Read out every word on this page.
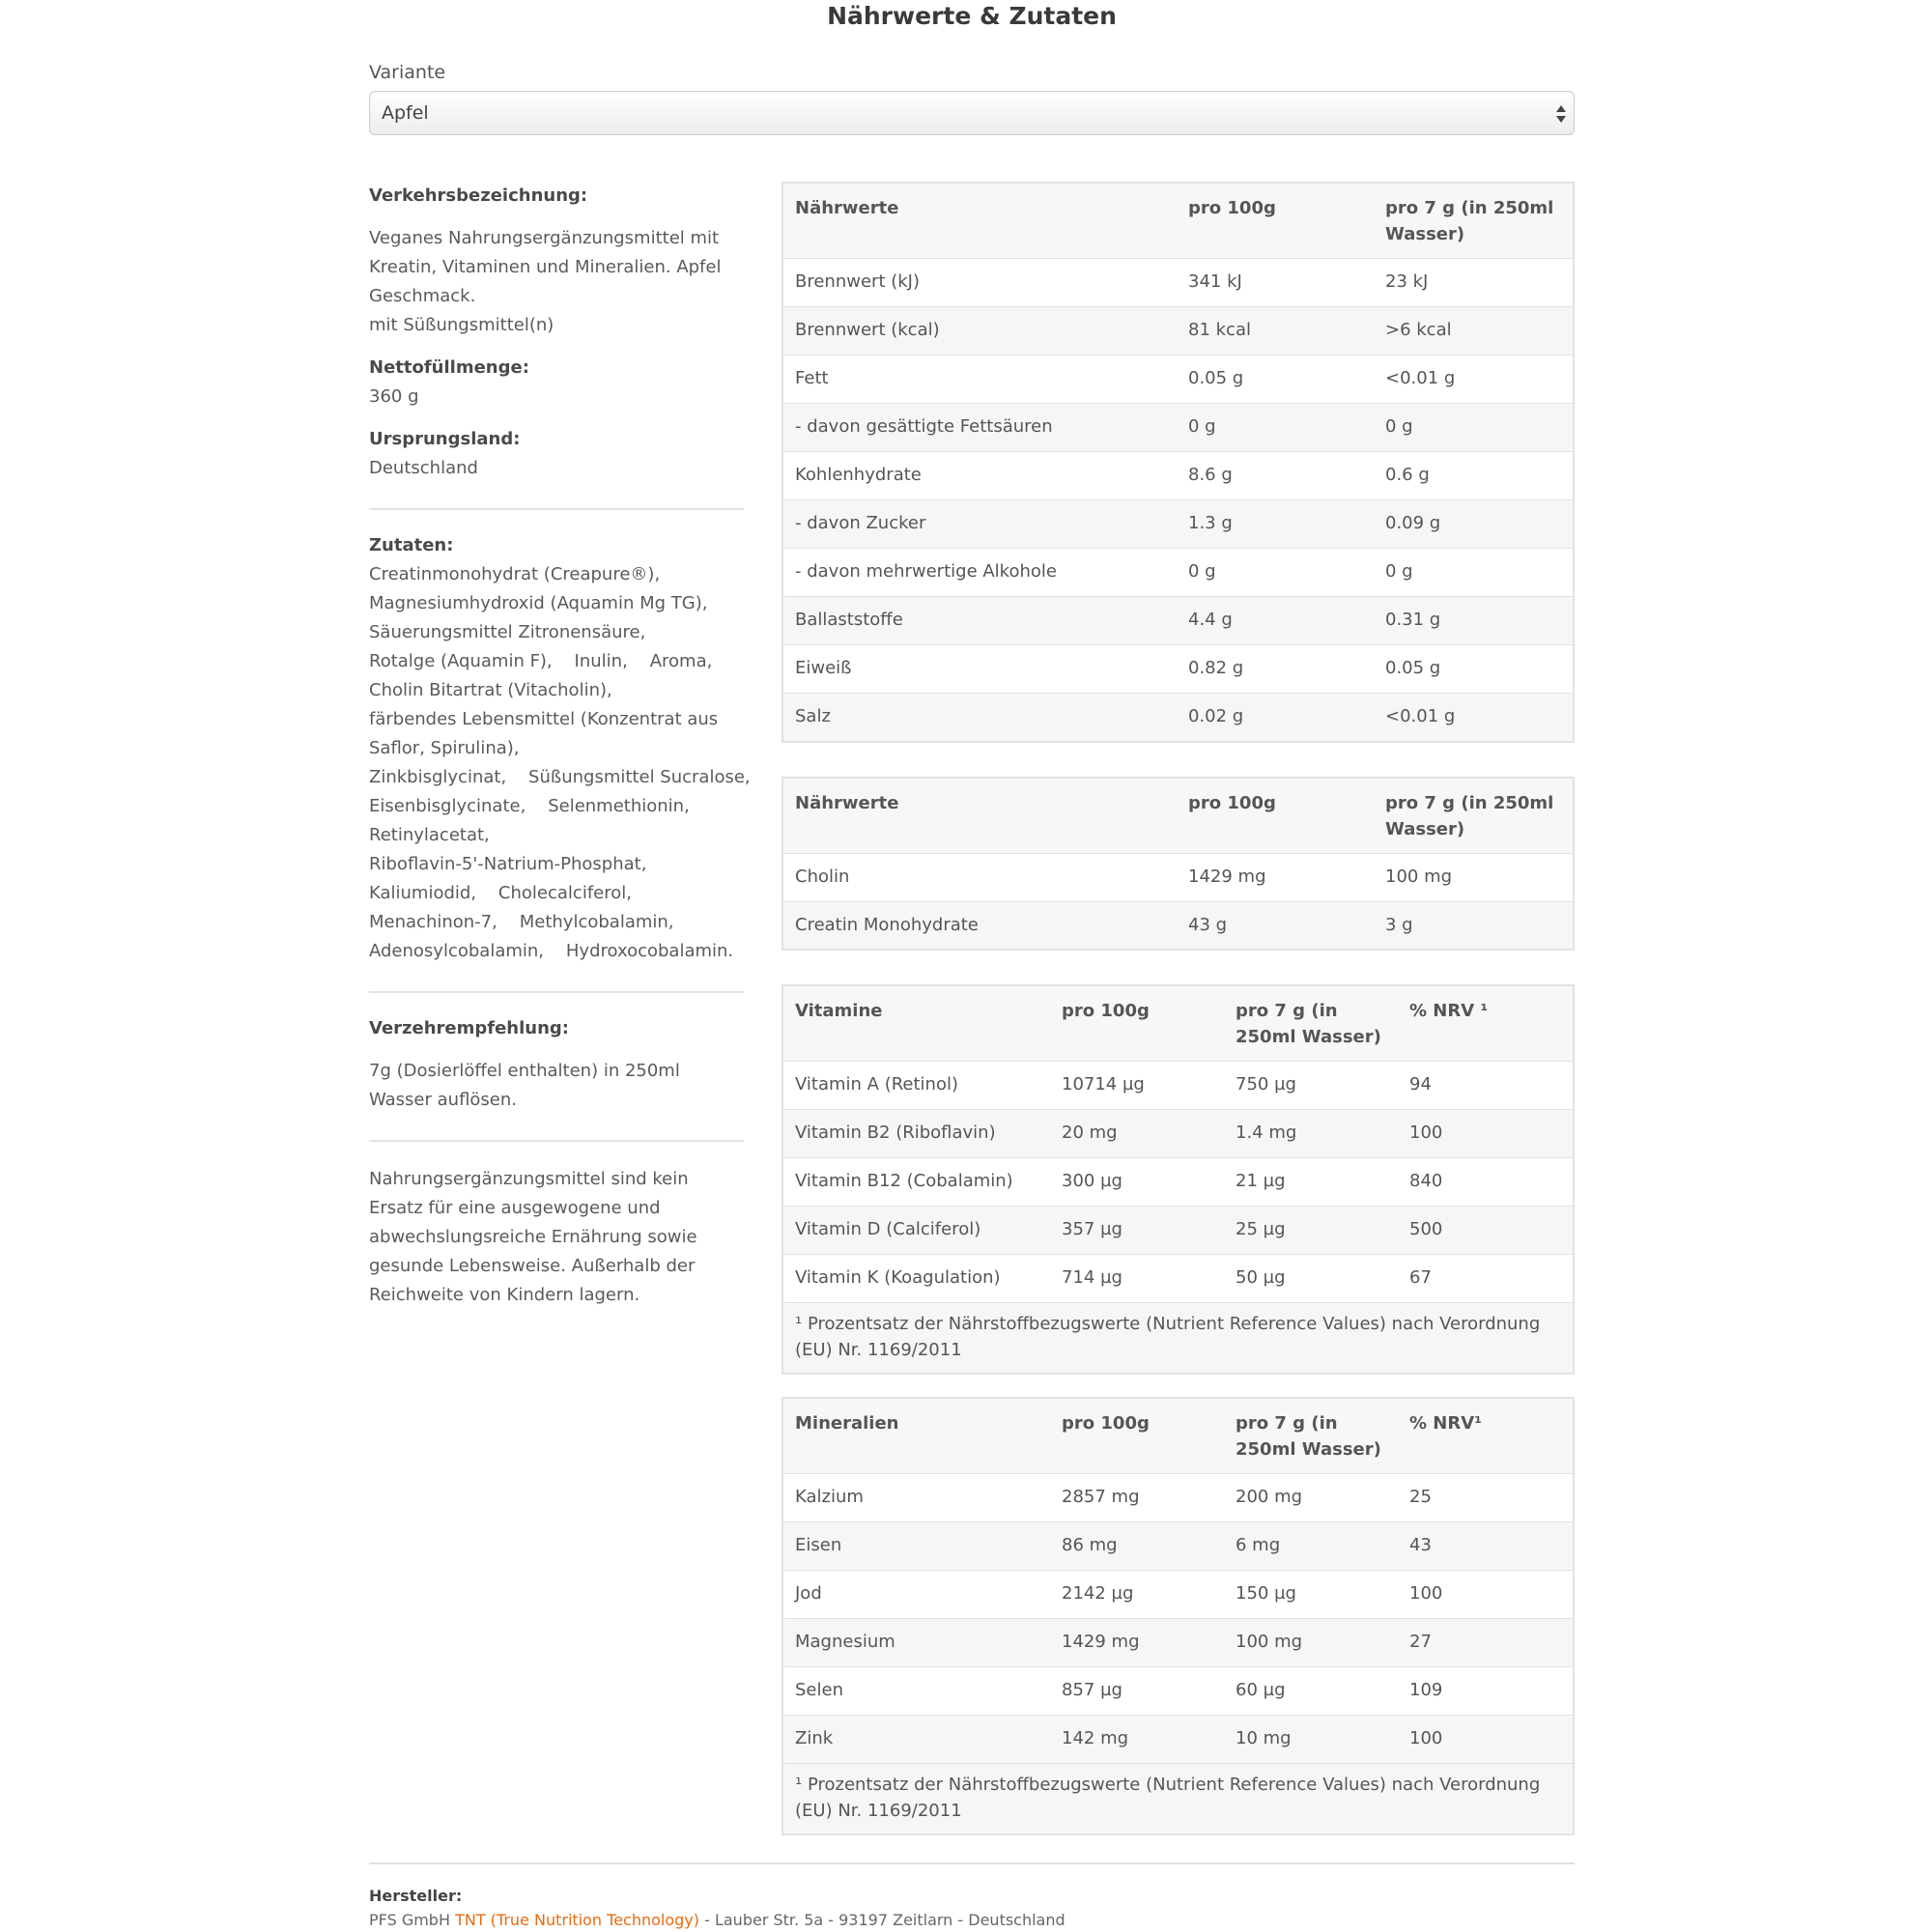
Nährwerte & Zutaten
Variante
Apfel
Verkehrsbezeichnung:
Veganes Nahrungsergänzungsmittel mit Kreatin, Vitaminen und Mineralien. Apfel Geschmack.
mit Süßungsmittel(n)
Nettofüllmenge:
360 g
Ursprungsland:
Deutschland
Zutaten:
Creatinmonohydrat (Creapure®),
Magnesiumhydroxid (Aquamin Mg TG),
Säuerungsmittel Zitronensäure,
Rotalge (Aquamin F),    Inulin,    Aroma,
Cholin Bitartrat (Vitacholin),
färbendes Lebensmittel (Konzentrat aus
Saflor, Spirulina),
Zinkbisglycinat,    Süßungsmittel Sucralose,
Eisenbisglycinate,    Selenmethionin,
Retinylacetat,
Riboflavin-5'-Natrium-Phosphat,
Kaliumiodid,    Cholecalciferol,
Menachinon-7,    Methylcobalamin,
Adenosylcobalamin,    Hydroxocobalamin.
Verzehrempfehlung:
7g (Dosierlöffel enthalten) in 250ml Wasser auflösen.
Nahrungsergänzungsmittel sind kein Ersatz für eine ausgewogene und abwechslungsreiche Ernährung sowie gesunde Lebensweise. Außerhalb der Reichweite von Kindern lagern.
Nährwerte	pro 100g	pro 7 g (in 250ml Wasser)
Brennwert (kJ)	341 kJ	23 kJ
Brennwert (kcal)	81 kcal	>6 kcal
Fett	0.05 g	<0.01 g
- davon gesättigte Fettsäuren	0 g	0 g
Kohlenhydrate	8.6 g	0.6 g
- davon Zucker	1.3 g	0.09 g
- davon mehrwertige Alkohole	0 g	0 g
Ballaststoffe	4.4 g	0.31 g
Eiweiß	0.82 g	0.05 g
Salz	0.02 g	<0.01 g
Nährwerte	pro 100g	pro 7 g (in 250ml Wasser)
Cholin	1429 mg	100 mg
Creatin Monohydrate	43 g	3 g
Vitamine	pro 100g	pro 7 g (in 250ml Wasser)	% NRV ¹
Vitamin A (Retinol)	10714 µg	750 µg	94
Vitamin B2 (Riboflavin)	20 mg	1.4 mg	100
Vitamin B12 (Cobalamin)	300 µg	21 µg	840
Vitamin D (Calciferol)	357 µg	25 µg	500
Vitamin K (Koagulation)	714 µg	50 µg	67
¹ Prozentsatz der Nährstoffbezugswerte (Nutrient Reference Values) nach Verordnung (EU) Nr. 1169/2011			
Mineralien	pro 100g	pro 7 g (in 250ml Wasser)	% NRV¹
Kalzium	2857 mg	200 mg	25
Eisen	86 mg	6 mg	43
Jod	2142 µg	150 µg	100
Magnesium	1429 mg	100 mg	27
Selen	857 µg	60 µg	109
Zink	142 mg	10 mg	100
¹ Prozentsatz der Nährstoffbezugswerte (Nutrient Reference Values) nach Verordnung (EU) Nr. 1169/2011			
Hersteller:
PFS GmbH TNT (True Nutrition Technology) - Lauber Str. 5a - 93197 Zeitlarn - Deutschland
